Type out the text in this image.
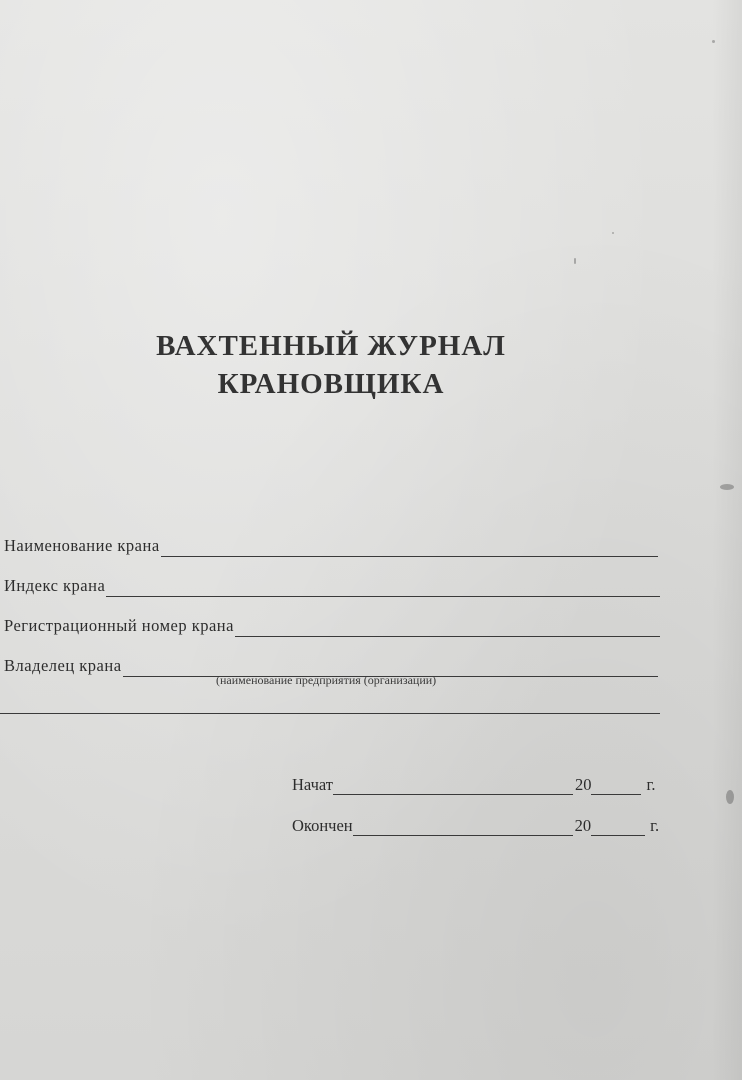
ВАХТЕННЫЙ ЖУРНАЛ
КРАНОВЩИКА
Наименование крана
Индекс крана
Регистрационный номер крана
Владелец крана
(наименование предприятия (организации)
Начат	20	г.
Окончен	20	г.
